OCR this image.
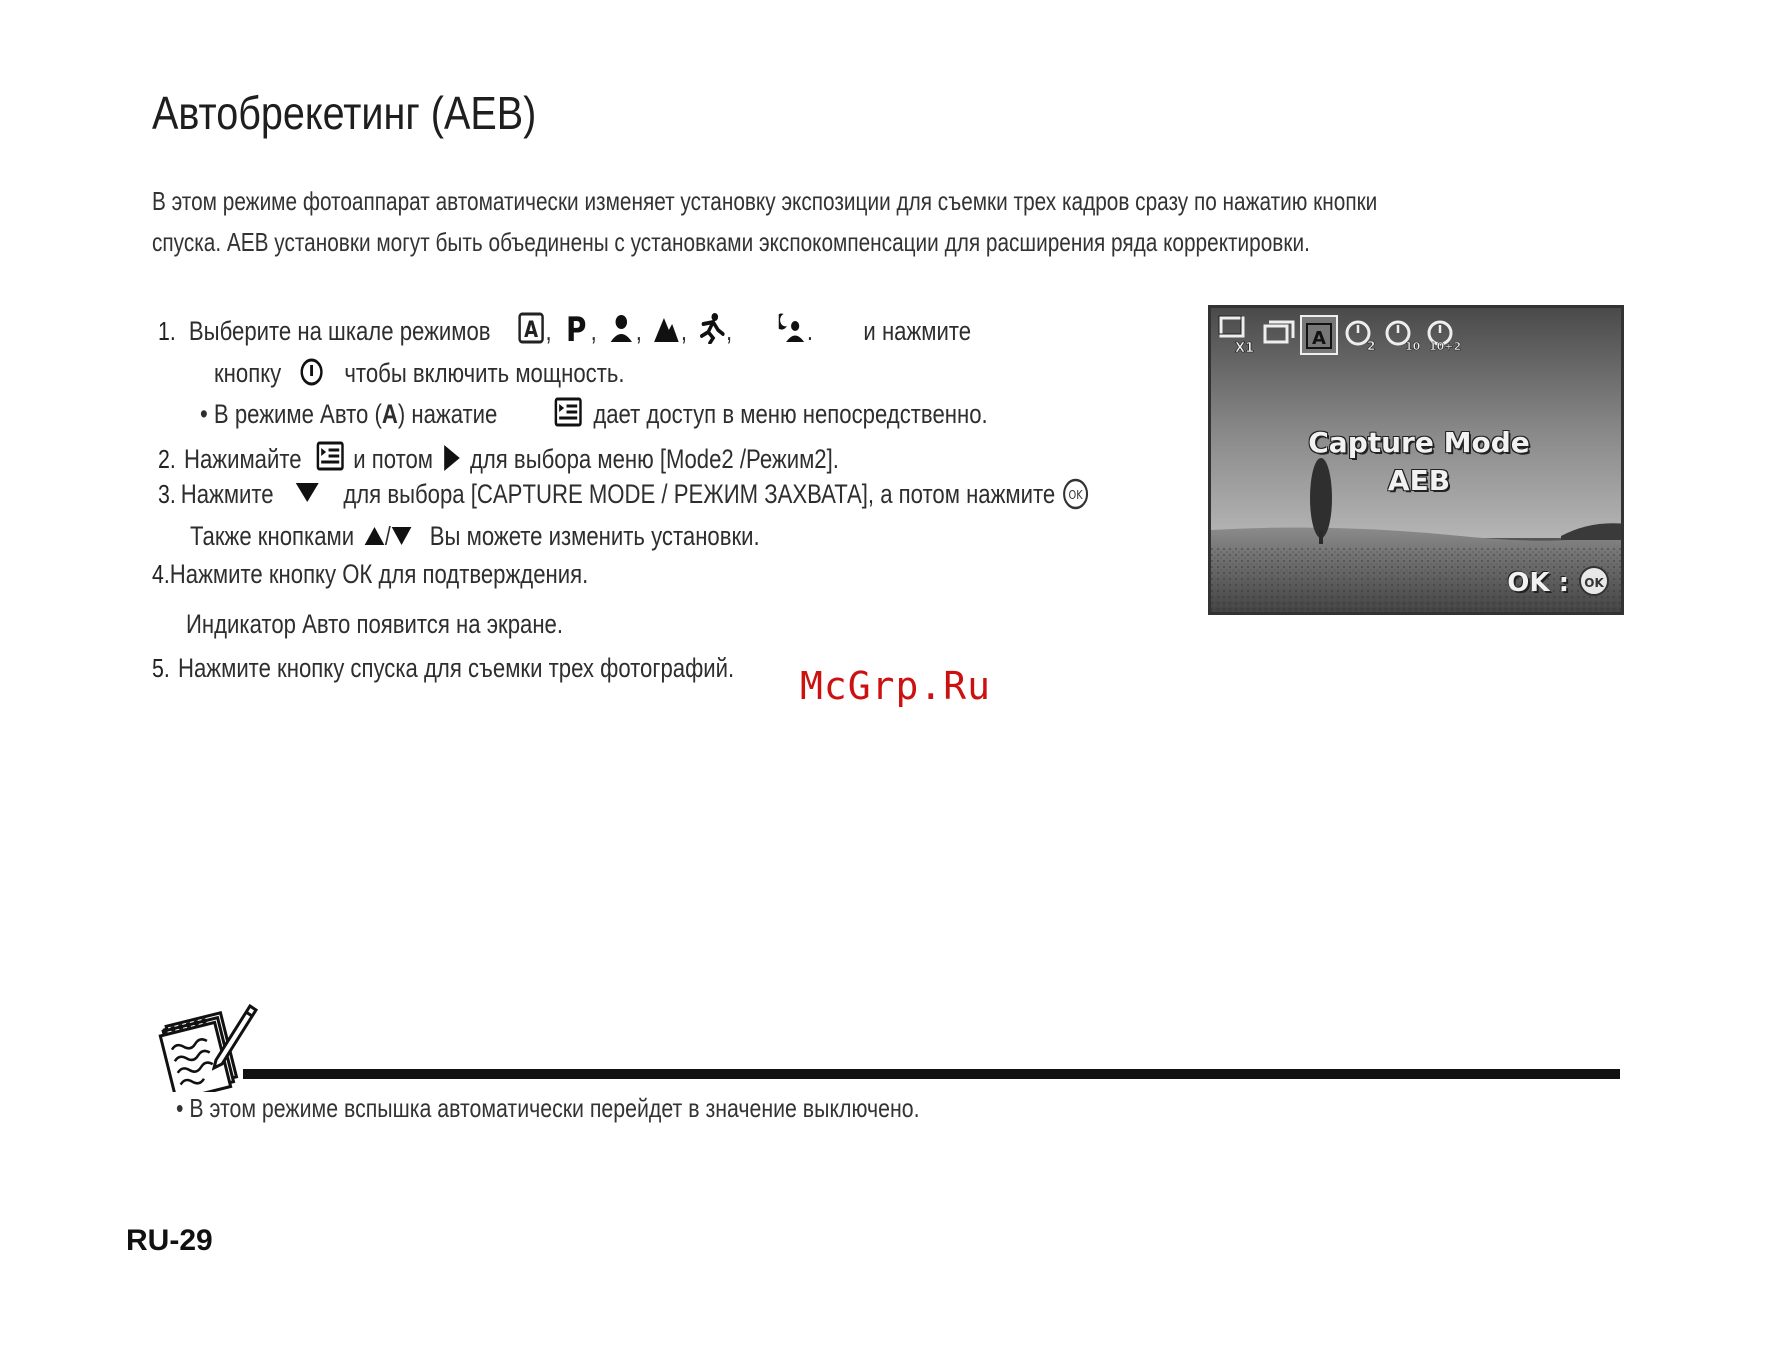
Автобрекетинг (AEB)
В этом режиме фотоаппарат автоматически изменяет установку экспозиции для съемки трех кадров сразу по нажатию кнопки
спуска. AEB установки могут быть объединены с установками экспокомпенсации для расширения ряда корректировки.
1. Выберите на шкале режимов A , P , , , ,	. и нажмите
кнопку чтобы включить мощность.
• В режиме Авто (А) нажатие	дает доступ в меню непосредственно.
2. Нажимайте и потом для выбора меню [Mode2 /Режим2].
3. Нажмите	для выбора [CAPTURE MODE / РЕЖИМ ЗАХВАТА], а потом нажмите OK
Также кнопками / Вы можете изменить установки.
4.Нажмите кнопку ОК для подтверждения.
Индикатор Авто появится на экране.
5. Нажмите кнопку спуска для съемки трех фотографий.
X1	A	2	10 10+2
Capture Mode
AEB
OK :	OK
McGrp.Ru
• В этом режиме вспышка автоматически перейдет в значение выключено.
RU-29
